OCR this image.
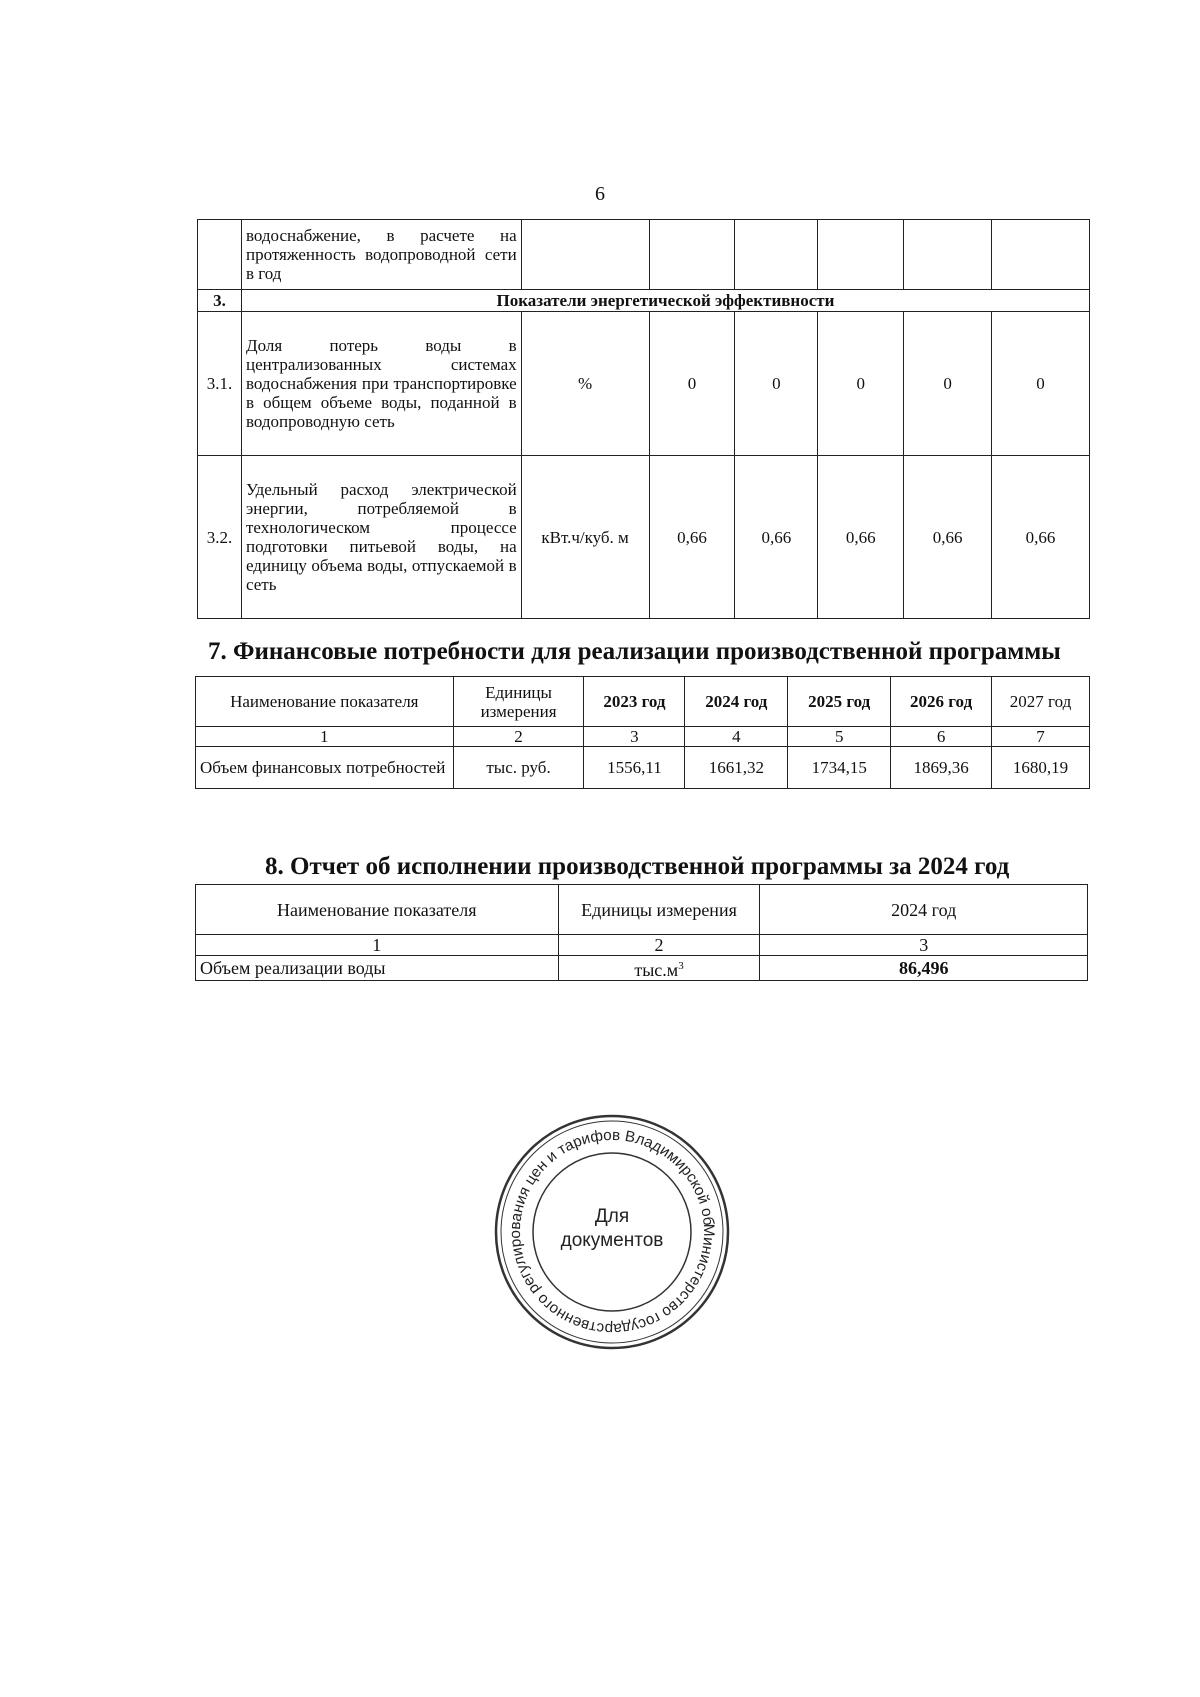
6
	водоснабжение, в расчете на протяженность водопроводной сети в год						
3.	Показатели энергетической эффективности						
3.1.	Доля потерь воды в централизованных системах водоснабжения при транспортировке в общем объеме воды, поданной в водопроводную сеть	%	0	0	0	0	0
3.2.	Удельный расход электрической энергии, потребляемой в технологическом процессе подготовки питьевой воды, на единицу объема воды, отпускаемой в сеть	кВт.ч/куб. м	0,66	0,66	0,66	0,66	0,66
7. Финансовые потребности для реализации производственной программы
Наименование показателя	Единицы измерения	2023 год	2024 год	2025 год	2026 год	2027 год
1	2	3	4	5	6	7
Объем финансовых потребностей	тыс. руб.	1556,11	1661,32	1734,15	1869,36	1680,19
8. Отчет об исполнении производственной программы за 2024 год
Наименование показателя	Единицы измерения	2024 год
1	2	3
Объем реализации воды	$тыс.м^3$	86,496
Министерство государственного регулирования цен и тарифов Владимирской области
Для
документов
